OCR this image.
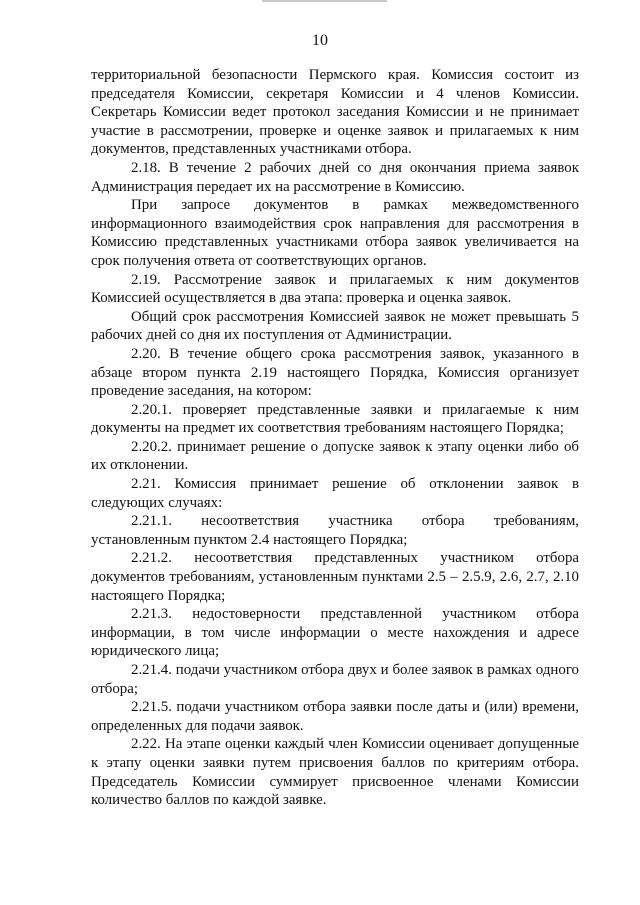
10

территориальной безопасности Пермского края. Комиссия состоит из председателя Комиссии, секретаря Комиссии и 4 членов Комиссии. Секретарь Комиссии ведет протокол заседания Комиссии и не принимает участие в рассмотрении, проверке и оценке заявок и прилагаемых к ним документов, представленных участниками отбора.

2.18. В течение 2 рабочих дней со дня окончания приема заявок Администрация передает их на рассмотрение в Комиссию.

При запросе документов в рамках межведомственного информационного взаимодействия срок направления для рассмотрения в Комиссию представленных участниками отбора заявок увеличивается на срок получения ответа от соответствующих органов.

2.19. Рассмотрение заявок и прилагаемых к ним документов Комиссией осуществляется в два этапа: проверка и оценка заявок.

Общий срок рассмотрения Комиссией заявок не может превышать 5 рабочих дней со дня их поступления от Администрации.

2.20. В течение общего срока рассмотрения заявок, указанного в абзаце втором пункта 2.19 настоящего Порядка, Комиссия организует проведение заседания, на котором:

2.20.1. проверяет представленные заявки и прилагаемые к ним документы на предмет их соответствия требованиям настоящего Порядка;

2.20.2. принимает решение о допуске заявок к этапу оценки либо об их отклонении.

2.21. Комиссия принимает решение об отклонении заявок в следующих случаях:

2.21.1. несоответствия участника отбора требованиям, установленным пунктом 2.4 настоящего Порядка;

2.21.2. несоответствия представленных участником отбора документов требованиям, установленным пунктами 2.5 – 2.5.9, 2.6, 2.7, 2.10 настоящего Порядка;

2.21.3. недостоверности представленной участником отбора информации, в том числе информации о месте нахождения и адресе юридического лица;

2.21.4. подачи участником отбора двух и более заявок в рамках одного отбора;

2.21.5. подачи участником отбора заявки после даты и (или) времени, определенных для подачи заявок.

2.22. На этапе оценки каждый член Комиссии оценивает допущенные к этапу оценки заявки путем присвоения баллов по критериям отбора. Председатель Комиссии суммирует присвоенное членами Комиссии количество баллов по каждой заявке.
